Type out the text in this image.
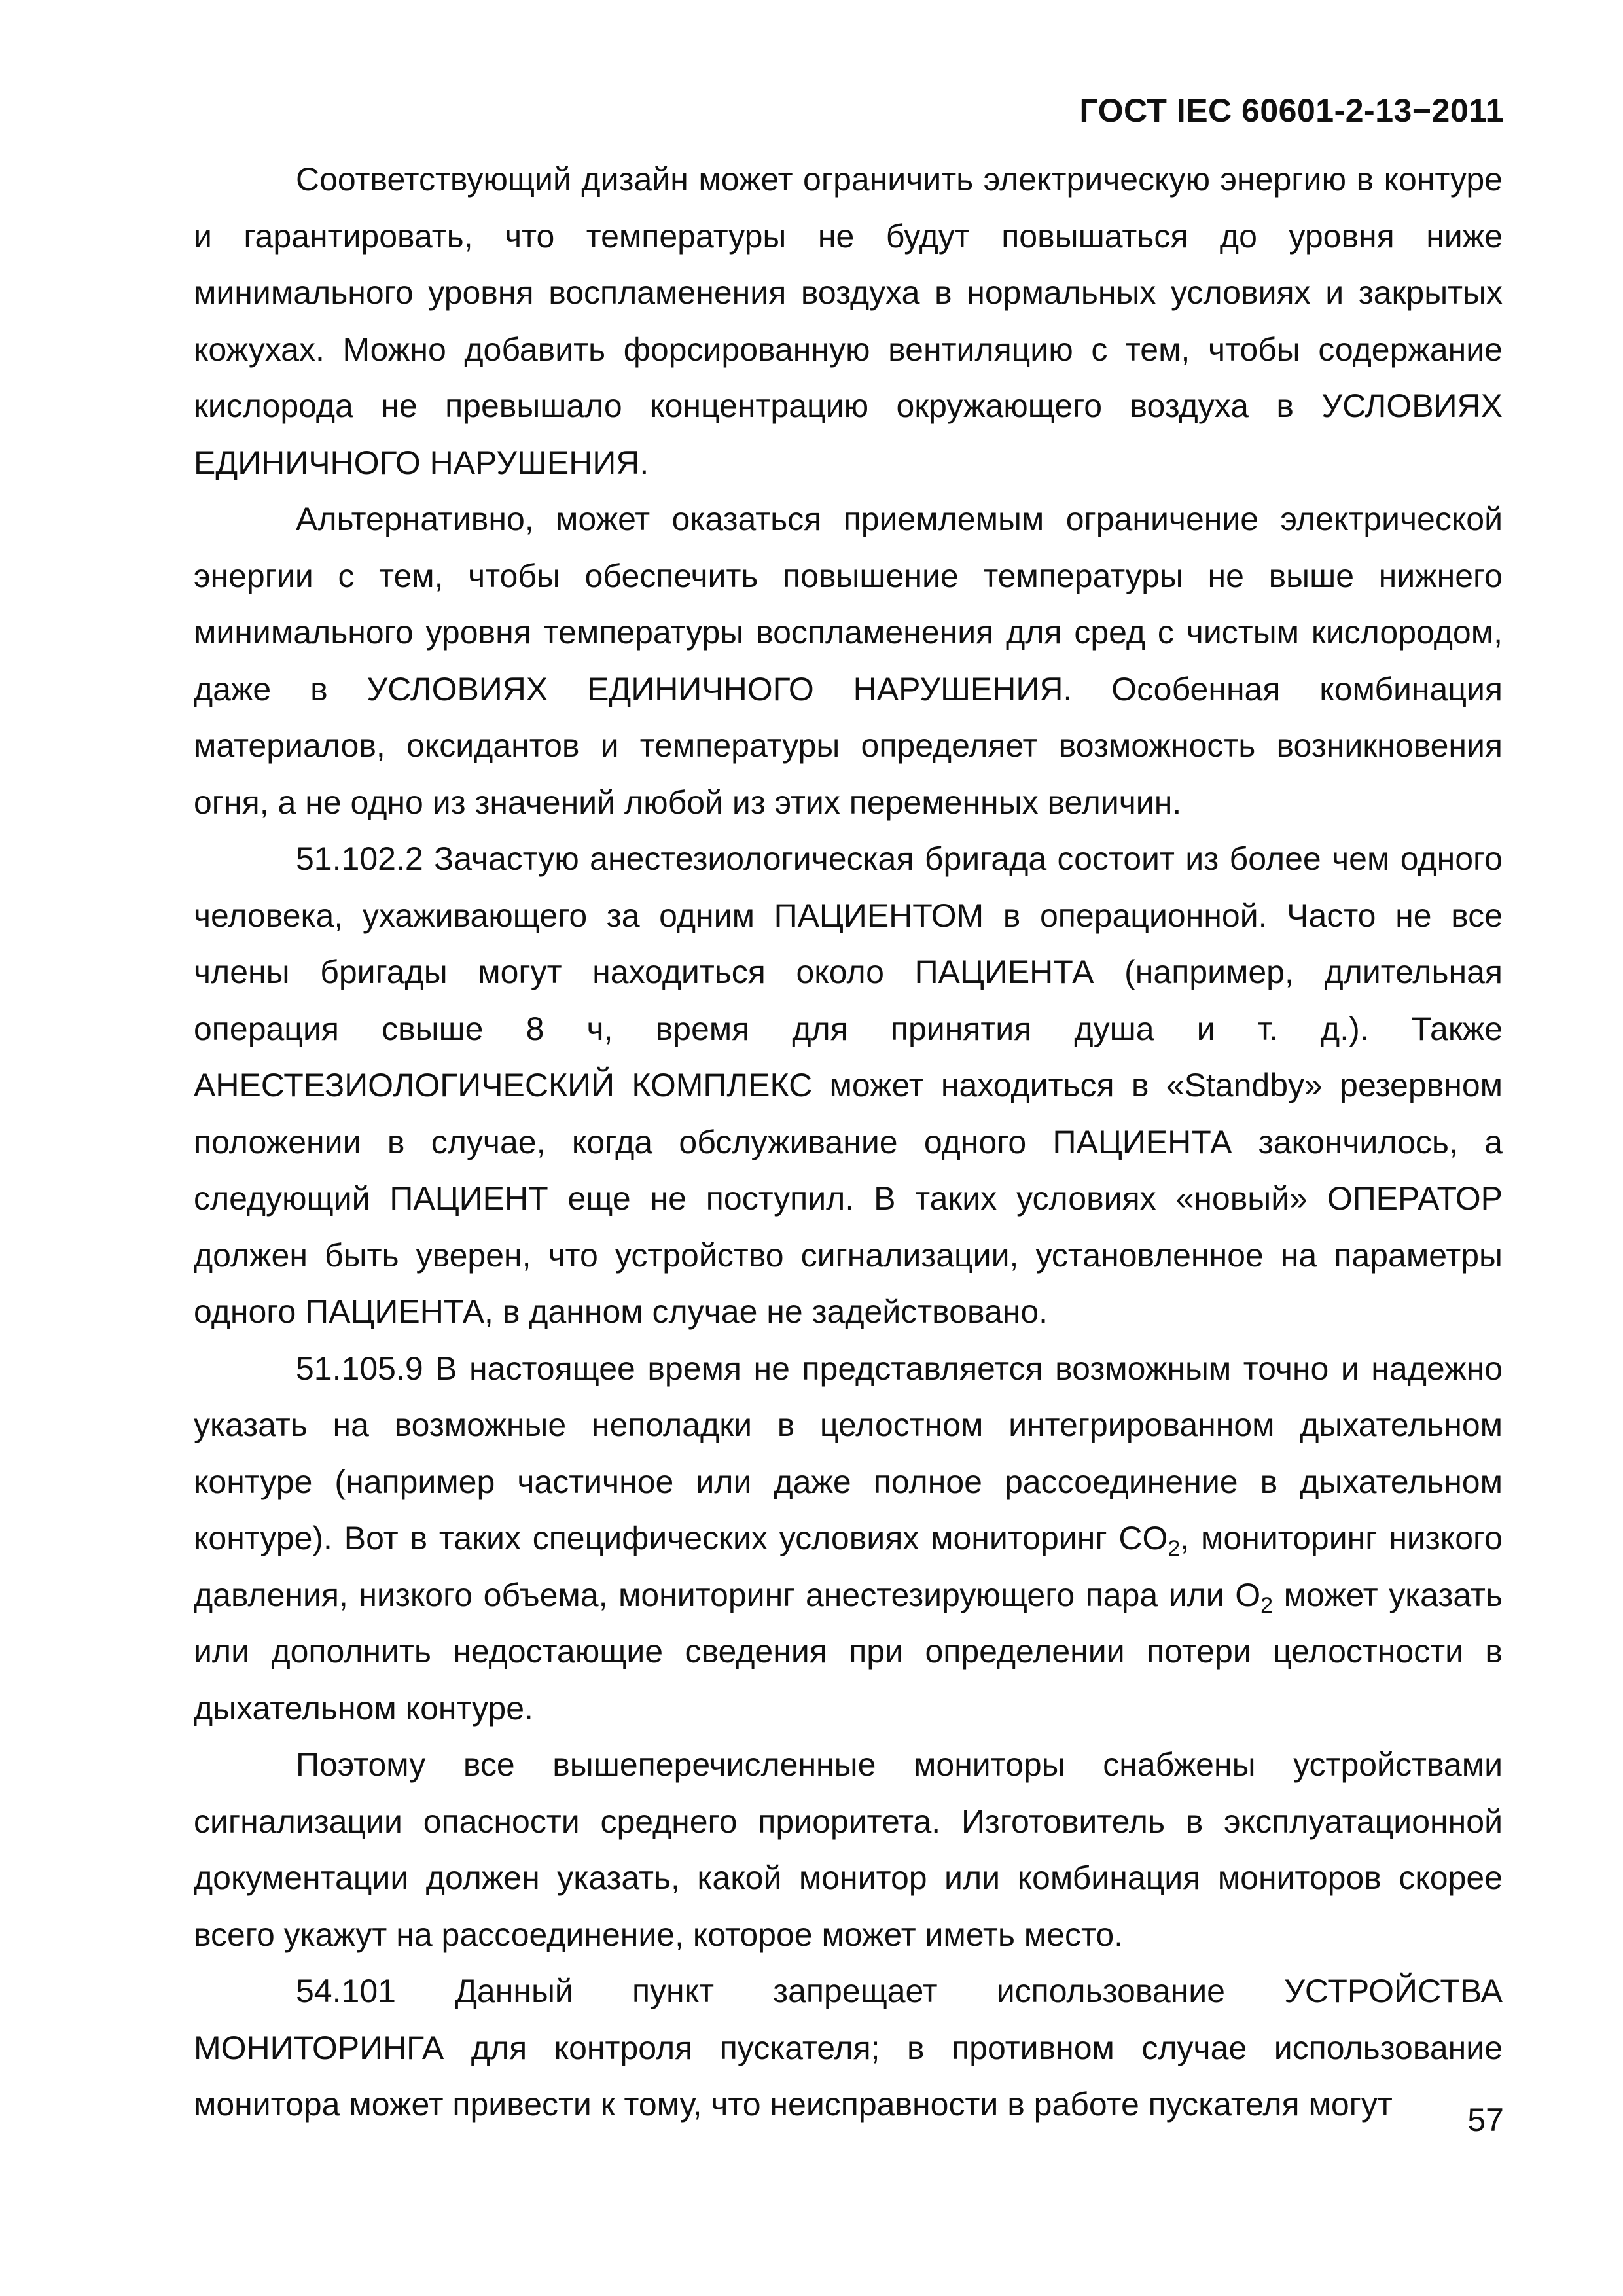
ГОСТ IEC 60601-2-13−2011

Соответствующий дизайн может ограничить электрическую энергию в контуре и гарантировать, что температуры не будут повышаться до уровня ниже минимального уровня воспламенения воздуха в нормальных условиях и закрытых кожухах. Можно добавить форсированную вентиляцию с тем, чтобы содержание кислорода не превышало концентрацию окружающего воздуха в УСЛОВИЯХ ЕДИНИЧНОГО НАРУШЕНИЯ.

Альтернативно, может оказаться приемлемым ограничение электрической энергии с тем, чтобы обеспечить повышение температуры не выше нижнего минимального уровня температуры воспламенения для сред с чистым кислородом, даже в УСЛОВИЯХ ЕДИНИЧНОГО НАРУШЕНИЯ. Особенная комбинация материалов, оксидантов и температуры определяет возможность возникновения огня, а не одно из значений любой из этих переменных величин.

51.102.2 Зачастую анестезиологическая бригада состоит из более чем одного человека, ухаживающего за одним ПАЦИЕНТОМ в операционной. Часто не все члены бригады могут находиться около ПАЦИЕНТА (например, длительная операция свыше 8 ч, время для принятия душа и т. д.). Также АНЕСТЕЗИОЛОГИЧЕСКИЙ КОМПЛЕКС может находиться в «Standby» резервном положении в случае, когда обслуживание одного ПАЦИЕНТА закончилось, а следующий ПАЦИЕНТ еще не поступил. В таких условиях «новый» ОПЕРАТОР должен быть уверен, что устройство сигнализации, установленное на параметры одного ПАЦИЕНТА, в данном случае не задействовано.

51.105.9 В настоящее время не представляется возможным точно и надежно указать на возможные неполадки в целостном интегрированном дыхательном контуре (например частичное или даже полное рассоединение в дыхательном контуре). Вот в таких специфических условиях мониторинг $CO_2$, мониторинг низкого давления, низкого объема, мониторинг анестезирующего пара или $O_2$ может указать или дополнить недостающие сведения при определении потери целостности в дыхательном контуре.

Поэтому все вышеперечисленные мониторы снабжены устройствами сигнализации опасности среднего приоритета. Изготовитель в эксплуатационной документации должен указать, какой монитор или комбинация мониторов скорее всего укажут на рассоединение, которое может иметь место.

54.101 Данный пункт запрещает использование УСТРОЙСТВА МОНИТОРИНГА для контроля пускателя; в противном случае использование монитора может привести к тому, что неисправности в работе пускателя могут	57
